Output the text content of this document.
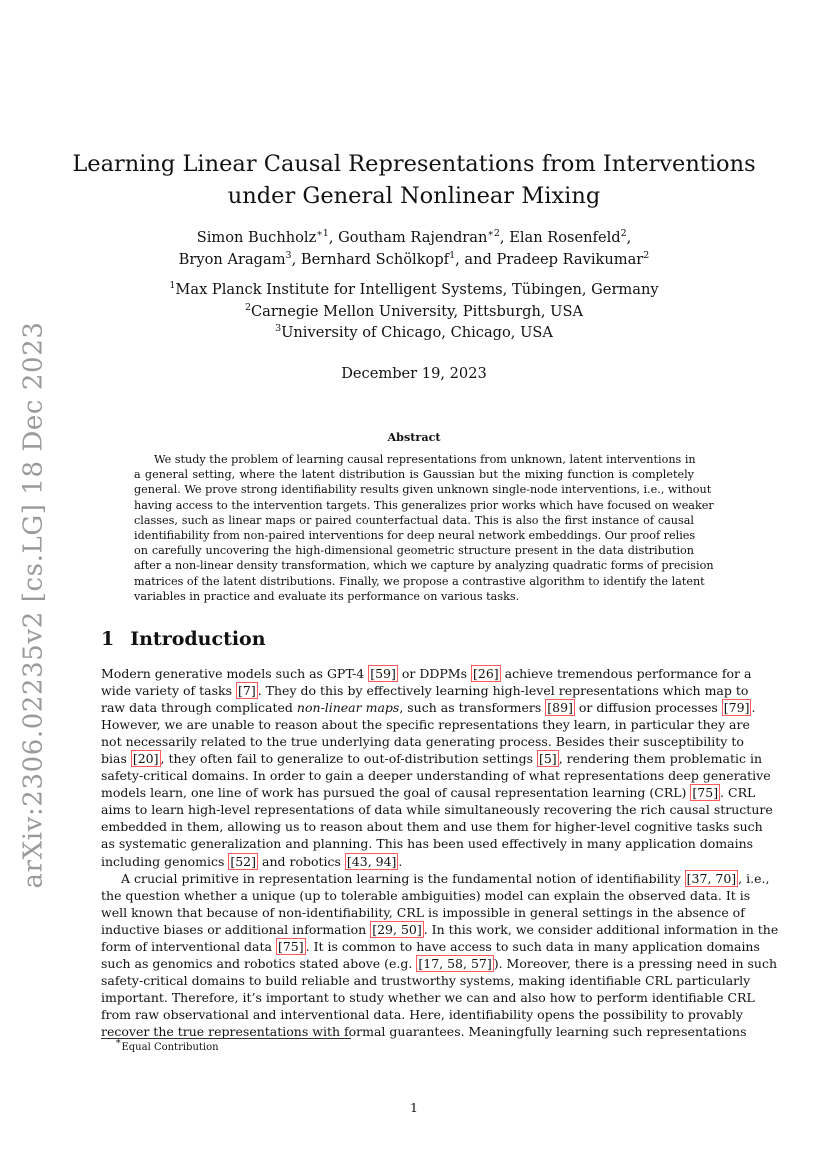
arXiv:2306.02235v2 [cs.LG] 18 Dec 2023
Learning Linear Causal Representations from Interventions
under General Nonlinear Mixing
Simon Buchholz$^{∗1}$, Goutham Rajendran$^{∗2}$, Elan Rosenfeld$^2$,
Bryon Aragam$^3$, Bernhard Schölkopf$^1$, and Pradeep Ravikumar$^2$
$^1$Max Planck Institute for Intelligent Systems, Tübingen, Germany
$^2$Carnegie Mellon University, Pittsburgh, USA
$^3$University of Chicago, Chicago, USA
December 19, 2023
Abstract
We study the problem of learning causal representations from unknown, latent interventions in
a general setting, where the latent distribution is Gaussian but the mixing function is completely
general. We prove strong identifiability results given unknown single-node interventions, i.e., without
having access to the intervention targets. This generalizes prior works which have focused on weaker
classes, such as linear maps or paired counterfactual data. This is also the first instance of causal
identifiability from non-paired interventions for deep neural network embeddings. Our proof relies
on carefully uncovering the high-dimensional geometric structure present in the data distribution
after a non-linear density transformation, which we capture by analyzing quadratic forms of precision
matrices of the latent distributions. Finally, we propose a contrastive algorithm to identify the latent
variables in practice and evaluate its performance on various tasks.
1 Introduction
Modern generative models such as GPT-4 [59] or DDPMs [26] achieve tremendous performance for a
wide variety of tasks [7] . They do this by effectively learning high-level representations which map to
raw data through complicated non-linear maps, such as transformers [89] or diffusion processes [79] .
However, we are unable to reason about the specific representations they learn, in particular they are
not necessarily related to the true underlying data generating process. Besides their susceptibility to
bias [20] , they often fail to generalize to out-of-distribution settings [5] , rendering them problematic in
safety-critical domains. In order to gain a deeper understanding of what representations deep generative
models learn, one line of work has pursued the goal of causal representation learning (CRL) [75] . CRL
aims to learn high-level representations of data while simultaneously recovering the rich causal structure
embedded in them, allowing us to reason about them and use them for higher-level cognitive tasks such
as systematic generalization and planning. This has been used effectively in many application domains
including genomics [52] and robotics [43, 94] .
A crucial primitive in representation learning is the fundamental notion of identifiability [37, 70] , i.e.,
the question whether a unique (up to tolerable ambiguities) model can explain the observed data. It is
well known that because of non-identifiability, CRL is impossible in general settings in the absence of
inductive biases or additional information [29, 50] . In this work, we consider additional information in the
form of interventional data [75] . It is common to have access to such data in many application domains
such as genomics and robotics stated above (e.g. [17, 58, 57] ). Moreover, there is a pressing need in such
safety-critical domains to build reliable and trustworthy systems, making identifiable CRL particularly
important. Therefore, it’s important to study whether we can and also how to perform identifiable CRL
from raw observational and interventional data. Here, identifiability opens the possibility to provably
recover the true representations with formal guarantees. Meaningfully learning such representations
∗Equal Contribution
1
